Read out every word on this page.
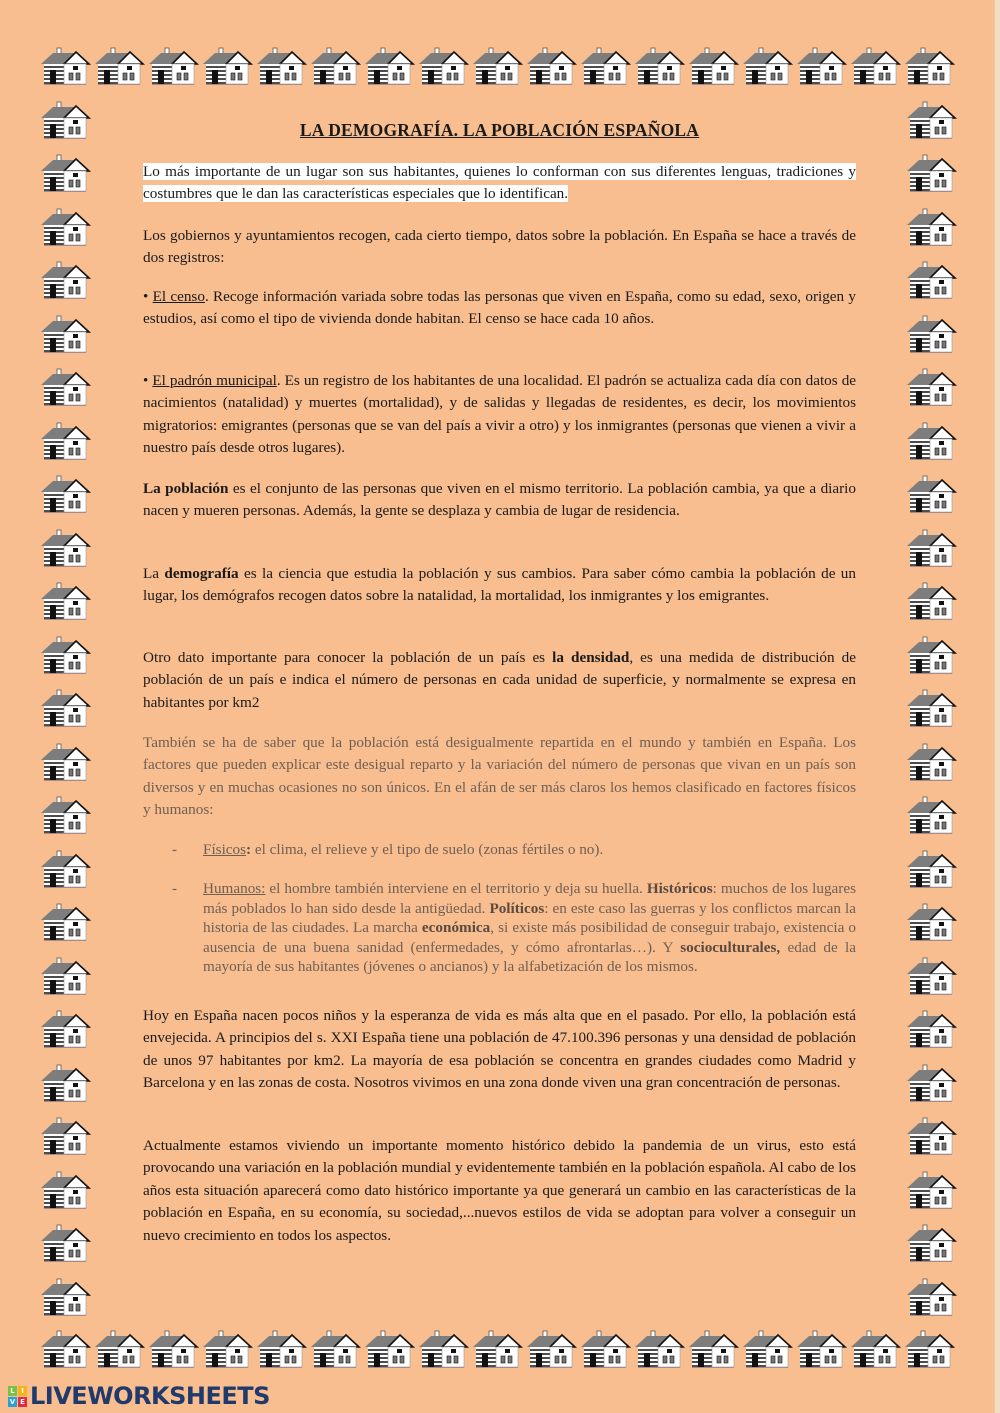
LA DEMOGRAFÍA. LA POBLACIÓN ESPAÑOLA

Lo más importante de un lugar son sus habitantes, quienes lo conforman con sus diferentes lenguas, tradiciones y costumbres que le dan las características especiales que lo identifican.

Los gobiernos y ayuntamientos recogen, cada cierto tiempo, datos sobre la población. En España se hace a través de dos registros:

• El censo. Recoge información variada sobre todas las personas que viven en España, como su edad, sexo, origen y estudios, así como el tipo de vivienda donde habitan. El censo se hace cada 10 años.

• El padrón municipal. Es un registro de los habitantes de una localidad. El padrón se actualiza cada día con datos de nacimientos (natalidad) y muertes (mortalidad), y de salidas y llegadas de residentes, es decir, los movimientos migratorios: emigrantes (personas que se van del país a vivir a otro) y los inmigrantes (personas que vienen a vivir a nuestro país desde otros lugares).

La población es el conjunto de las personas que viven en el mismo territorio. La población cambia, ya que a diario nacen y mueren personas. Además, la gente se desplaza y cambia de lugar de residencia.

La demografía es la ciencia que estudia la población y sus cambios. Para saber cómo cambia la población de un lugar, los demógrafos recogen datos sobre la natalidad, la mortalidad, los inmigrantes y los emigrantes.

Otro dato importante para conocer la población de un país es la densidad, es una medida de distribución de población de un país e indica el número de personas en cada unidad de superficie, y normalmente se expresa en habitantes por km2

También se ha de saber que la población está desigualmente repartida en el mundo y también en España. Los factores que pueden explicar este desigual reparto y la variación del número de personas que vivan en un país son diversos y en muchas ocasiones no son únicos. En el afán de ser más claros los hemos clasificado en factores físicos y humanos:

- Físicos: el clima, el relieve y el tipo de suelo (zonas fértiles o no).
- Humanos: el hombre también interviene en el territorio y deja su huella. Históricos: muchos de los lugares más poblados lo han sido desde la antigüedad. Políticos: en este caso las guerras y los conflictos marcan la historia de las ciudades. La marcha económica, si existe más posibilidad de conseguir trabajo, existencia o ausencia de una buena sanidad (enfermedades, y cómo afrontarlas…). Y socioculturales, edad de la mayoría de sus habitantes (jóvenes o ancianos) y la alfabetización de los mismos.

Hoy en España nacen pocos niños y la esperanza de vida es más alta que en el pasado. Por ello, la población está envejecida. A principios del s. XXI España tiene una población de 47.100.396 personas y una densidad de población de unos 97 habitantes por km2. La mayoría de esa población se concentra en grandes ciudades como Madrid y Barcelona y en las zonas de costa. Nosotros vivimos en una zona donde viven una gran concentración de personas.

Actualmente estamos viviendo un importante momento histórico debido la pandemia de un virus, esto está provocando una variación en la población mundial y evidentemente también en la población española. Al cabo de los años esta situación aparecerá como dato histórico importante ya que generará un cambio en las características de la población en España, en su economía, su sociedad,...nuevos estilos de vida se adoptan para volver a conseguir un nuevo crecimiento en todos los aspectos.

L I
V E LIVEWORKSHEETS
